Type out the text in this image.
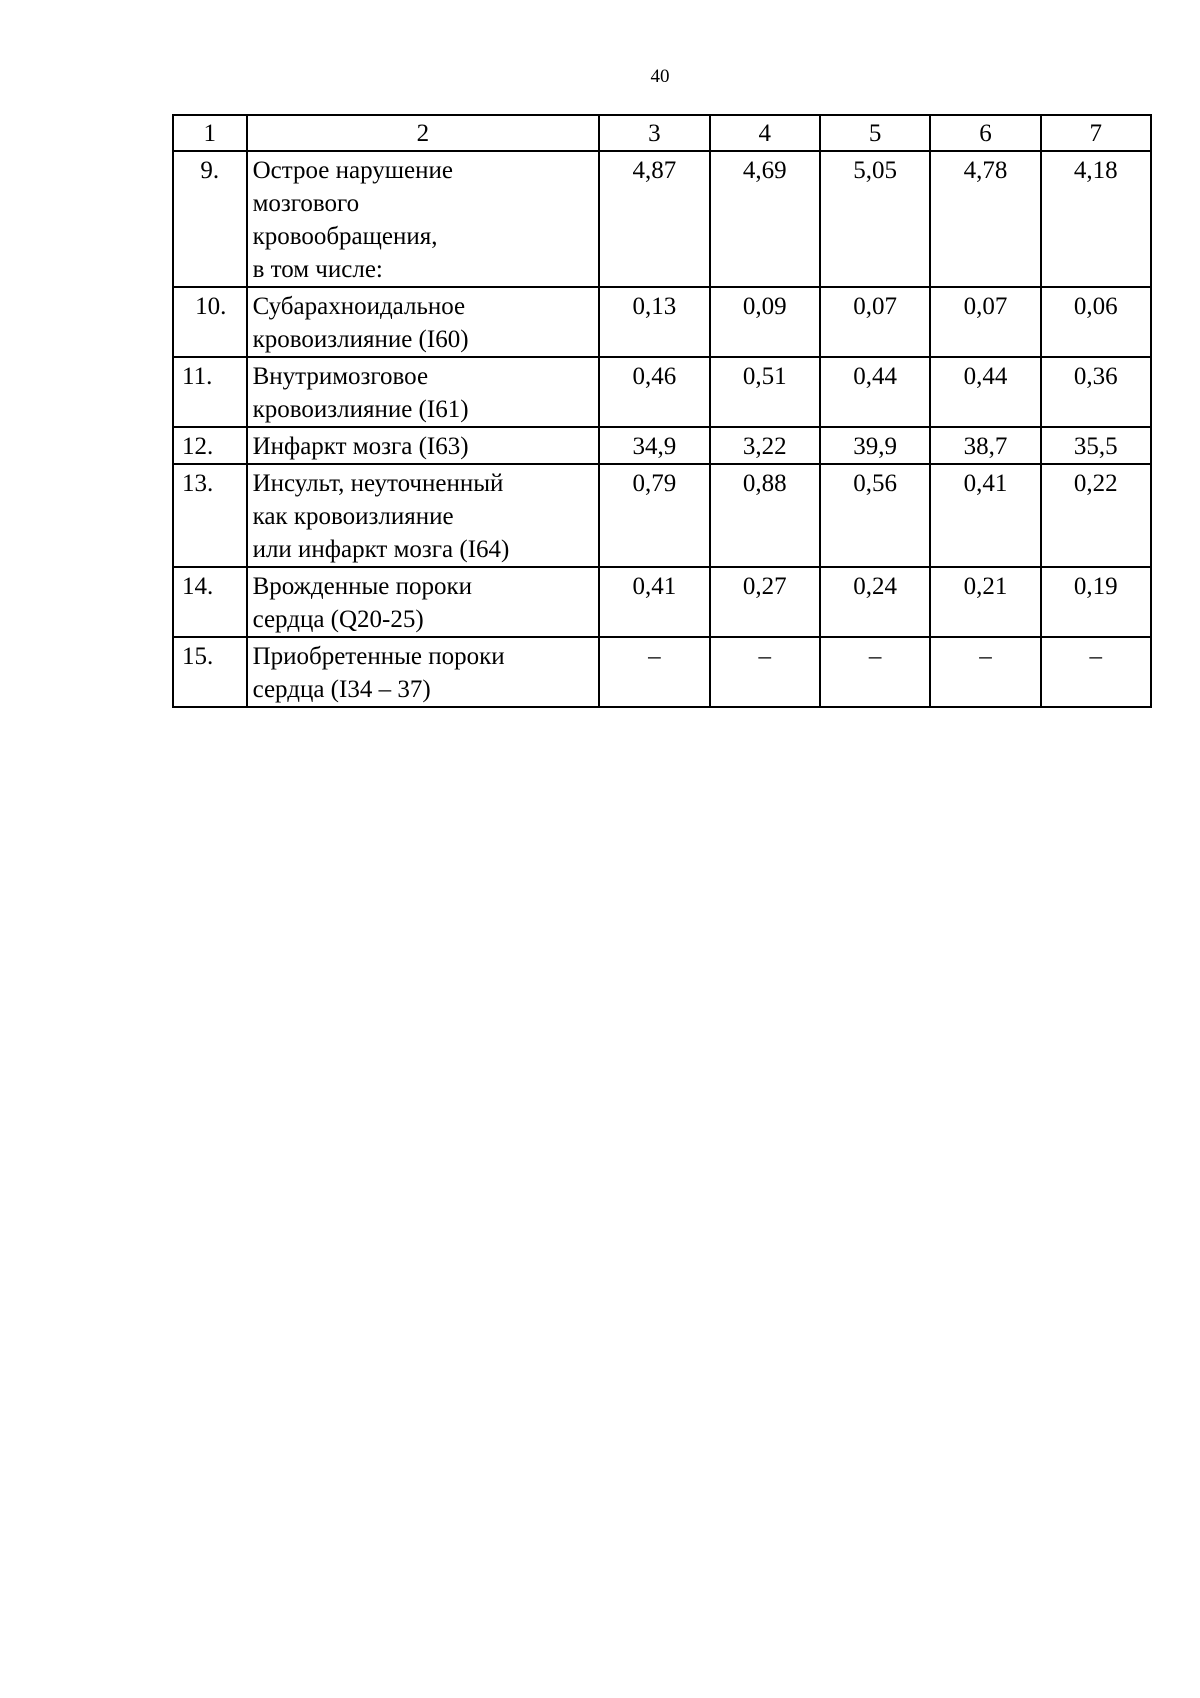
40
1	2	3	4	5	6	7
9.	Острое нарушение
мозгового
кровообращения,
в том числе:	4,87	4,69	5,05	4,78	4,18
10.	Субарахноидальное
кровоизлияние (I60)	0,13	0,09	0,07	0,07	0,06
11.	Внутримозговое
кровоизлияние (I61)	0,46	0,51	0,44	0,44	0,36
12.	Инфаркт мозга (I63)	34,9	3,22	39,9	38,7	35,5
13.	Инсульт, неуточненный
как кровоизлияние
или инфаркт мозга (I64)	0,79	0,88	0,56	0,41	0,22
14.	Врожденные пороки
сердца (Q20-25)	0,41	0,27	0,24	0,21	0,19
15.	Приобретенные пороки
сердца (I34 – 37)	–	–	–	–	–
